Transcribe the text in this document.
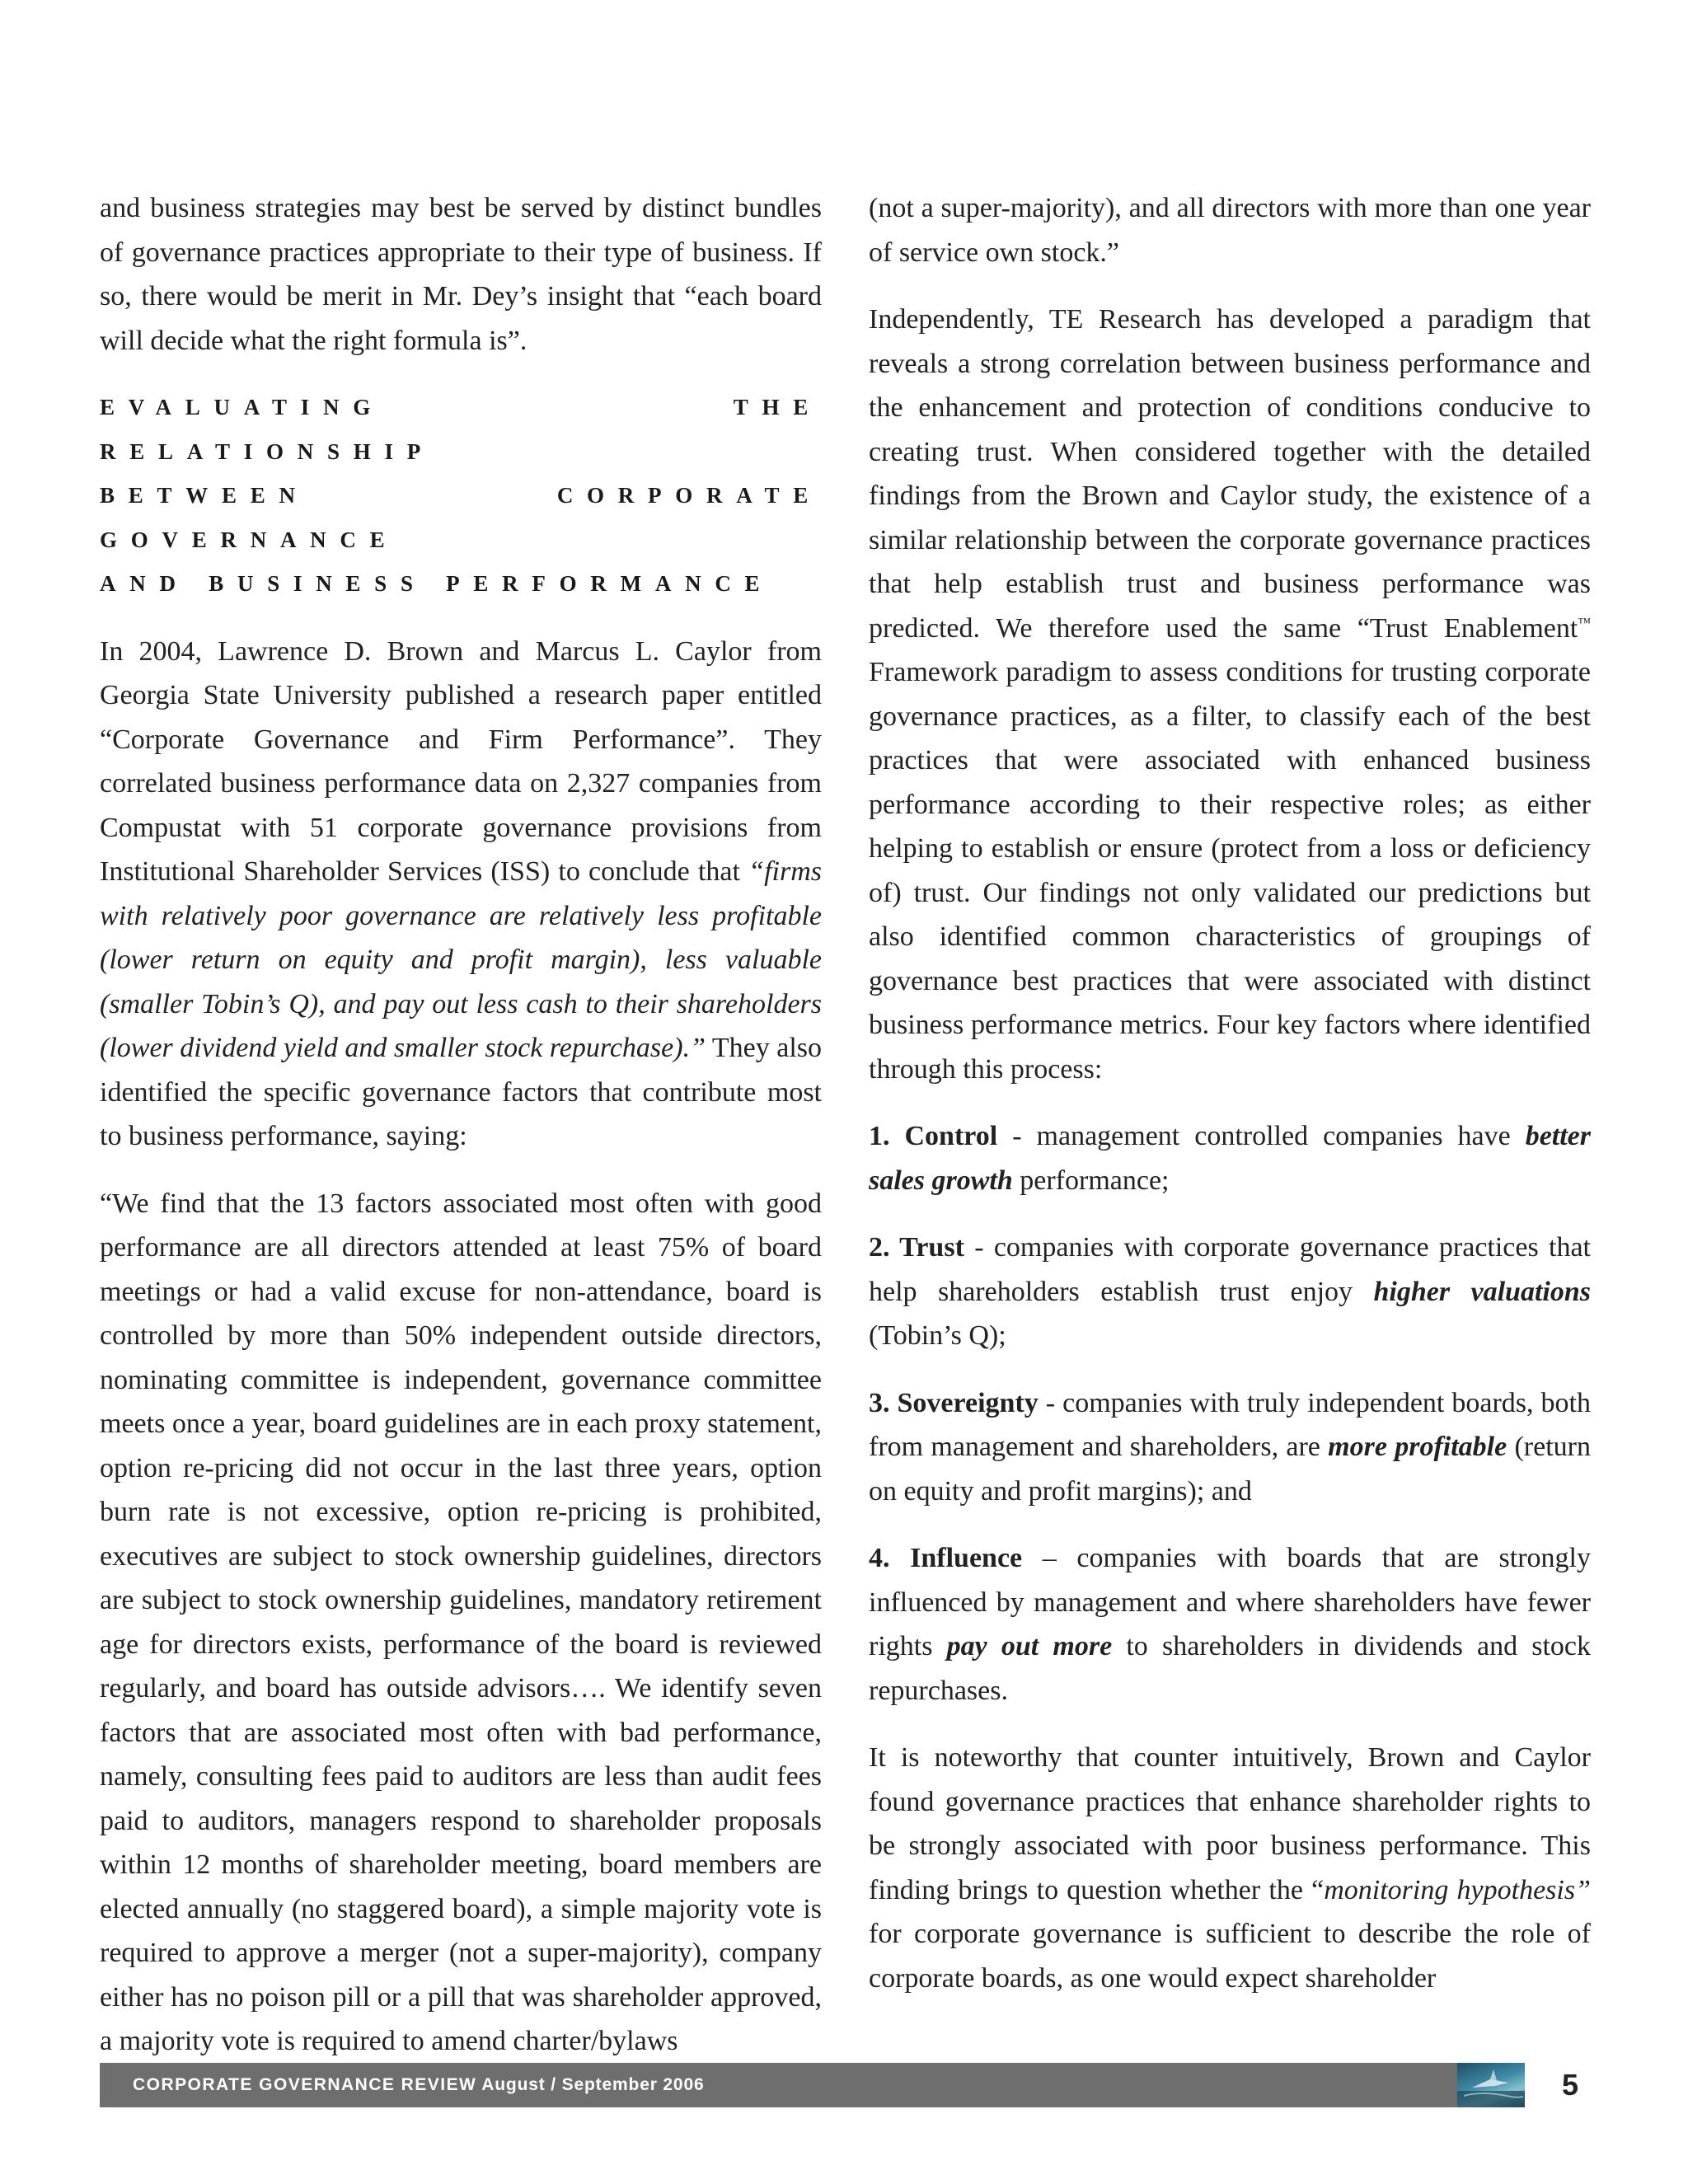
and business strategies may best be served by distinct bundles of governance practices appropriate to their type of business. If so, there would be merit in Mr. Dey’s insight that “each board will decide what the right formula is”.

EVALUATING THE RELATIONSHIP
BETWEEN CORPORATE GOVERNANCE
AND BUSINESS PERFORMANCE

In 2004, Lawrence D. Brown and Marcus L. Caylor from Georgia State University published a research paper entitled “Corporate Governance and Firm Performance”. They correlated business performance data on 2,327 companies from Compustat with 51 corporate governance provisions from Institutional Shareholder Services (ISS) to conclude that “firms with relatively poor governance are relatively less profitable (lower return on equity and profit margin), less valuable (smaller Tobin’s Q), and pay out less cash to their shareholders (lower dividend yield and smaller stock repurchase).” They also identified the specific governance factors that contribute most to business performance, saying:

“We find that the 13 factors associated most often with good performance are all directors attended at least 75% of board meetings or had a valid excuse for non-attendance, board is controlled by more than 50% independent outside directors, nominating committee is independent, governance committee meets once a year, board guidelines are in each proxy statement, option re-pricing did not occur in the last three years, option burn rate is not excessive, option re-pricing is prohibited, executives are subject to stock ownership guidelines, directors are subject to stock ownership guidelines, mandatory retirement age for directors exists, performance of the board is reviewed regularly, and board has outside advisors…. We identify seven factors that are associated most often with bad performance, namely, consulting fees paid to auditors are less than audit fees paid to auditors, managers respond to shareholder proposals within 12 months of shareholder meeting, board members are elected annually (no staggered board), a simple majority vote is required to approve a merger (not a super-majority), company either has no poison pill or a pill that was shareholder approved, a majority vote is required to amend charter/bylaws

(not a super-majority), and all directors with more than one year of service own stock.”

Independently, TE Research has developed a paradigm that reveals a strong correlation between business performance and the enhancement and protection of conditions conducive to creating trust. When considered together with the detailed findings from the Brown and Caylor study, the existence of a similar relationship between the corporate governance practices that help establish trust and business performance was predicted. We therefore used the same “Trust Enablement™ Framework paradigm to assess conditions for trusting corporate governance practices, as a filter, to classify each of the best practices that were associated with enhanced business performance according to their respective roles; as either helping to establish or ensure (protect from a loss or deficiency of) trust. Our findings not only validated our predictions but also identified common characteristics of groupings of governance best practices that were associated with distinct business performance metrics. Four key factors where identified through this process:

1. Control - management controlled companies have better sales growth performance;

2. Trust - companies with corporate governance practices that help shareholders establish trust enjoy higher valuations (Tobin’s Q);

3. Sovereignty - companies with truly independent boards, both from management and shareholders, are more profitable (return on equity and profit margins); and

4. Influence – companies with boards that are strongly influenced by management and where shareholders have fewer rights pay out more to shareholders in dividends and stock repurchases.

It is noteworthy that counter intuitively, Brown and Caylor found governance practices that enhance shareholder rights to be strongly associated with poor business performance. This finding brings to question whether the “monitoring hypothesis” for corporate governance is sufficient to describe the role of corporate boards, as one would expect shareholder

CORPORATE GOVERNANCE REVIEW August / September 2006	5
